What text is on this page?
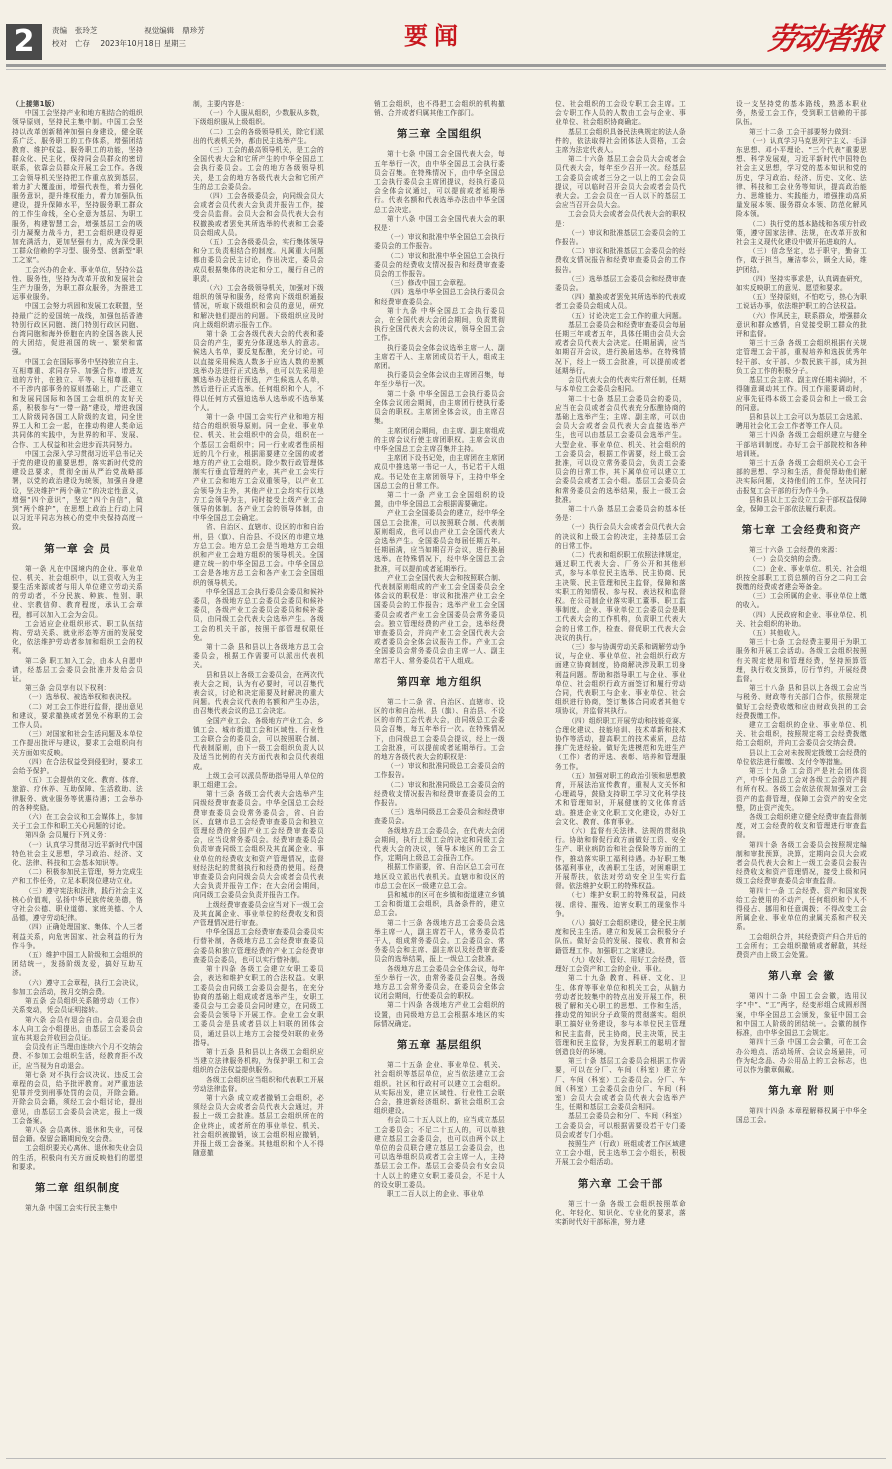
2	责编 张玲芝	视觉编辑 鼎珍芳
校对 亡存 2023年10月18日 星期三	要闻	劳动者报

（上接第1版）

中国工会坚持产业和地方相结合的组织领导原则，坚持民主集中制。中国工会坚持以改革创新精神加强自身建设，健全联系广泛、服务职工的工作体系，增强团结教育、维护权益、服务职工的功能，坚持群众化、民主化，保持同会员群众的密切联系，依靠会员群众开展工会工作。各级工会领导机关坚持把工作重点放到基层，着力扩大覆盖面，增强代表性，着力强化服务意识，提升维权能力，着力加强队伍建设，提升保障水平，坚持服务职工群众的工作生命线，全心全意为基层、为职工服务，构建智慧工会，增强基层工会的吸引力凝聚力战斗力，把工会组织建设得更加充满活力，更加坚强有力，成为深受职工群众信赖的学习型、服务型、创新型“职工之家”。

工会兴办的企业、事业单位，坚持公益性、服务性，坚持为改革开放和发展社会生产力服务，为职工群众服务，为推进工运事业服务。

中国工会努力巩固和发展工农联盟，坚持最广泛的爱国统一战线，加强包括香港特别行政区同胞、澳门特别行政区同胞、台湾同胞和海外侨胞在内的全国各族人民的大团结，促进祖国的统一、繁荣和富强。

中国工会在国际事务中坚持独立自主、互相尊重、求同存异、加强合作、增进友谊的方针，在独立、平等、互相尊重、互不干涉内部事务的原则基础上，广泛建立和发展同国际和各国工会组织的友好关系，积极参与“一带一路”建设，增进我国工人阶级同各国工人阶级的友谊，同全世界工人和工会一起，在推动构建人类命运共同体的实践中，为世界的和平、发展、合作、工人权益和社会进步而共同努力。

中国工会深入学习贯彻习近平总书记关于党的建设的重要思想，落实新时代党的建设总要求，贯彻全面从严治党战略部署，以党的政治建设为统领，加强自身建设，坚决维护“两个确立”的决定性意义，增强“四个意识”，坚定“四个自信”，做到“两个维护”，在思想上政治上行动上同以习近平同志为核心的党中央保持高度一致。

第一章 会 员

第一条 凡在中国境内的企业、事业单位、机关、社会组织中，以工资收入为主要生活来源或者与用人单位建立劳动关系的劳动者，不分民族、种族、性别、职业、宗教信仰、教育程度，承认工会章程，都可以加入工会为会员。

工会适应企业组织形式、职工队伍结构、劳动关系、就业形态等方面的发展变化，依法维护劳动者参加和组织工会的权利。

第二条 职工加入工会，由本人自愿申请，经基层工会委员会批准并发给会员证。

第三条 会员享有以下权利：

（一）选举权、被选举权和表决权。

（二）对工会工作进行监督，提出意见和建议，要求撤换或者罢免不称职的工会工作人员。

（三）对国家和社会生活问题及本单位工作提出批评与建议，要求工会组织向有关方面如实反映。

（四）在合法权益受到侵犯时，要求工会给予保护。

（五）工会提供的文化、教育、体育、旅游、疗休养、互助保障、生活救助、法律服务、就业服务等优惠待遇；工会举办的各种奖励。

（六）在工会会议和工会媒体上，参加关于工会工作和职工关心问题的讨论。

第四条 会员履行下列义务：

（一）认真学习贯彻习近平新时代中国特色社会主义思想，学习政治、经济、文化、法律、科技和工会基本知识等。

（二）积极参加民主管理，努力完成生产和工作任务，立足本职岗位建功立业。

（三）遵守宪法和法律，践行社会主义核心价值观，弘扬中华民族传统美德，恪守社会公德、职业道德、家庭美德、个人品德，遵守劳动纪律。

（四）正确处理国家、集体、个人三者利益关系，向危害国家、社会利益的行为作斗争。

（五）维护中国工人阶级和工会组织的团结统一，发扬阶级友爱，搞好互助互济。

（六）遵守工会章程，执行工会决议，参加工会活动，按月交纳会费。

第五条 会员组织关系随劳动（工作）关系变动，凭会员证明接转。

第六条 会员有退会自由。会员退会由本人向工会小组提出，由基层工会委员会宣布其退会并收回会员证。

会员没有正当理由连续六个月不交纳会费、不参加工会组织生活，经教育拒不改正，应当视为自动退会。

第七条 对不执行会议决议、违反工会章程的会员，给予批评教育。对严重违法犯罪并受到刑事处罚的会员，开除会籍。开除会员会籍，须经工会小组讨论，提出意见，由基层工会委员会决定，报上一级工会备案。

第八条 会员离休、退休和失业，可保留会籍。保留会籍期间免交会费。

工会组织要关心离休、退休和失业会员的生活，积极向有关方面反映他们的愿望和要求。

第二章 组织制度

第九条 中国工会实行民主集中

制，主要内容是：

（一）个人服从组织，少数服从多数，下级组织服从上级组织。

（二）工会的各级领导机关，除它们派出的代表机关外，都由民主选举产生。

（三）工会的最高领导机关，是工会的全国代表大会和它所产生的中华全国总工会执行委员会。工会的地方各级领导机关，是工会的地方各级代表大会和它所产生的总工会委员会。

（四）工会各级委员会，向同级会员大会或者会员代表大会负责并报告工作，接受会员监督。会员大会和会员代表大会有权撤换或者罢免其所选举的代表和工会委员会组成人员。

（五）工会各级委员会，实行集体领导和分工负责相结合的制度。凡属重大问题都由委员会民主讨论，作出决定，委员会成员根据集体的决定和分工，履行自己的职责。

（六）工会各级领导机关，加强对下级组织的领导和服务，经常向下级组织通报情况，听取下级组织和会员的意见，研究和解决他们提出的问题。下级组织应及时向上级组织请示报告工作。

第十条 工会各级代表大会的代表和委员会的产生，要充分体现选举人的意志。候选人名单，要反复酝酿，充分讨论。可以直接采用候选人数多于应选人数的差额选举办法进行正式选举，也可以先采用差额选举办法进行预选，产生候选人名单，然后进行正式选举。任何组织和个人，不得以任何方式强迫选举人选举或不选举某个人。

第十一条 中国工会实行产业和地方相结合的组织领导原则。同一企业、事业单位、机关、社会组织中的会员，组织在一个基层工会组织中；同一行业或者性质相近的几个行业，根据需要建立全国的或者地方的产业工会组织。除少数行政管理体制实行垂直管理的产业，其产业工会实行产业工会和地方工会双重领导，以产业工会领导为主外，其他产业工会均实行以地方工会领导为主，同时接受上级产业工会领导的体制。各产业工会的领导体制，由中华全国总工会确定。

省、自治区、直辖市、设区的市和自治州，县（旗）、自治县、不设区的市建立地方总工会。地方总工会是当地地方工会组织和产业工会地方组织的领导机关。全国建立统一的中华全国总工会。中华全国总工会是各地方总工会和各产业工会全国组织的领导机关。

中华全国总工会执行委员会委员和候补委员，各级地方总工会委员会委员和候补委员，各级产业工会委员会委员和候补委员，由同级工会代表大会选举产生。各级工会的机关干部，按照干部管理权限任免。

第十二条 县和县以上各级地方总工会委员会，根据工作需要可以派出代表机关。

县和县以上各级工会委员会，在两次代表大会之间，认为有必要时，可以召集代表会议，讨论和决定需要及时解决的重大问题。代表会议代表的名额和产生办法，由召集代表会议的总工会决定。

全国产业工会、各级地方产业工会、乡镇工会、城市街道工会和区域性、行业性工会联合会的委员会，可以按照联合制、代表制原则，由下一级工会组织负责人以及适当比例的有关方面代表和会员代表组成。

上级工会可以派员帮助指导用人单位的职工组建工会。

第十三条 各级工会代表大会选举产生同级经费审查委员会。中华全国总工会经费审查委员会设常务委员会，省、自治区、直辖市总工会经费审查委员会和独立管理经费的全国产业工会经费审查委员会，应当设常务委员会。经费审查委员会负责审查同级工会组织及其直属企业、事业单位的经费收支和资产管理情况，监督财经法纪的贯彻执行和经费的使用。经费审查委员会向同级会员大会或者会员代表大会负责并报告工作；在大会闭会期间，向同级工会委员会负责并报告工作。

上级经费审查委员会应当对下一级工会及其直属企业、事业单位的经费收支和资产管理情况进行审查。

中华全国总工会经费审查委员会委员实行替补制，各级地方总工会经费审查委员会委员和独立管理经费的产业工会经费审查委员会委员，也可以实行替补制。

第十四条 各级工会建立女职工委员会，表达和维护女职工的合法权益。女职工委员会由同级工会委员会提名，在充分协商的基础上组成或者选举产生，女职工委员会与工会委员会同时建立，在同级工会委员会领导下开展工作。企业工会女职工委员会是县或者县以上妇联的团体会员，通过县以上地方工会接受妇联的业务指导。

第十五条 县和县以上各级工会组织应当建立法律服务机构，为保护职工和工会组织的合法权益提供服务。

各级工会组织应当组织和代表职工开展劳动法律监督。

第十六条 成立或者撤销工会组织，必须经会员大会或者会员代表大会通过，并报上一级工会批准。基层工会组织所在的企业终止，或者所在的事业单位、机关、社会组织被撤销，该工会组织相应撤销，并报上级工会备案。其他组织和个人不得随意撤

销工会组织，也不得把工会组织的机构撤销、合并或者归属其他工作部门。

第三章 全国组织

第十七条 中国工会全国代表大会，每五年举行一次，由中华全国总工会执行委员会召集。在特殊情况下，由中华全国总工会执行委员会主席团提议，经执行委员会全体会议通过，可以提前或者延期举行。代表名额和代表选举办法由中华全国总工会决定。

第十八条 中国工会全国代表大会的职权是：

（一）审议和批准中华全国总工会执行委员会的工作报告。

（二）审议和批准中华全国总工会执行委员会的经费收支情况报告和经费审查委员会的工作报告。

（三）修改中国工会章程。

（四）选举中华全国总工会执行委员会和经费审查委员会。

第十九条 中华全国总工会执行委员会，在全国代表大会闭会期间，负责贯彻执行全国代表大会的决议，领导全国工会工作。

执行委员会全体会议选举主席一人、副主席若干人、主席团成员若干人，组成主席团。

执行委员会全体会议由主席团召集，每年至少举行一次。

第二十条 中华全国总工会执行委员会全体会议闭会期间，由主席团行使执行委员会的职权。主席团全体会议，由主席召集。

主席团闭会期间，由主席、副主席组成的主席会议行使主席团职权。主席会议由中华全国总工会主席召集并主持。

主席团下设书记处，由主席团在主席团成员中推选第一书记一人，书记若干人组成。书记处在主席团领导下，主持中华全国总工会的日常工作。

第二十一条 产业工会全国组织的设置，由中华全国总工会根据需要确定。

产业工会全国委员会的建立，经中华全国总工会批准，可以按照联合制、代表制原则组成，也可以由产业工会全国代表大会选举产生。全国委员会每届任期五年。任期届满，应当如期召开会议，进行换届选举。在特殊情况下，经中华全国总工会批准，可以提前或者延期举行。

产业工会全国代表大会和按照联合制、代表制原则组成的产业工会全国委员会全体会议的职权是：审议和批准产业工会全国委员会的工作报告；选举产业工会全国委员会或者产业工会全国委员会常务委员会。独立管理经费的产业工会，选举经费审查委员会，并向产业工会全国代表大会或者委员会全体会议报告工作。产业工会全国委员会常务委员会由主席一人、副主席若干人、常务委员若干人组成。

第四章 地方组织

第二十二条 省、自治区、直辖市、设区的市和自治州、县（旗）、自治县、不设区的市的工会代表大会，由同级总工会委员会召集，每五年举行一次。在特殊情况下，由同级总工会委员会提议，经上一级工会批准，可以提前或者延期举行。工会的地方各级代表大会的职权是：

（一）审议和批准同级总工会委员会的工作报告。

（二）审议和批准同级总工会委员会的经费收支情况报告和经费审查委员会的工作报告。

（三）选举同级总工会委员会和经费审查委员会。

各级地方总工会委员会，在代表大会闭会期间，执行上级工会的决定和同级工会代表大会的决议，领导本地区的工会工作，定期向上级总工会报告工作。

根据工作需要，省、自治区总工会可在地区设立派出代表机关。直辖市和设区的市总工会在区一级建立总工会。

县和城市的区可在乡镇和街道建立乡镇工会和街道工会组织，具备条件的，建立总工会。

第二十三条 各级地方总工会委员会选举主席一人，副主席若干人，常务委员若干人，组成常务委员会。工会委员会、常务委员会和主席、副主席以及经费审查委员会的选举结果，报上一级总工会批准。

各级地方总工会委员会全体会议，每年至少举行一次，由常务委员会召集。各级地方总工会常务委员会，在委员会全体会议闭会期间，行使委员会的职权。

第二十四条 各级地方产业工会组织的设置，由同级地方总工会根据本地区的实际情况确定。

第五章 基层组织

第二十五条 企业、事业单位、机关、社会组织等基层单位，应当依法建立工会组织。社区和行政村可以建立工会组织。从实际出发，建立区域性、行业性工会联合会，推进新经济组织、新社会组织工会组织建设。

有会员二十五人以上的，应当成立基层工会委员会；不足二十五人的，可以单独建立基层工会委员会，也可以由两个以上单位的会员联合建立基层工会委员会，也可以选举组织员或者工会主席一人，主持基层工会工作。基层工会委员会有女会员十人以上的建立女职工委员会，不足十人的设女职工委员。

职工二百人以上的企业、事业单

位、社会组织的工会设专职工会主席。工会专职工作人员的人数由工会与企业、事业单位、社会组织协商确定。

基层工会组织具备民法典规定的法人条件的，依法取得社会团体法人资格，工会主席为法定代表人。

第二十六条 基层工会会员大会或者会员代表大会，每年至少召开一次。经基层工会委员会或者三分之一以上的工会会员提议，可以临时召开会员大会或者会员代表大会。工会会员在一百人以下的基层工会应当召开会员大会。

工会会员大会或者会员代表大会的职权是：

（一）审议和批准基层工会委员会的工作报告。

（二）审议和批准基层工会委员会的经费收支情况报告和经费审查委员会的工作报告。

（三）选举基层工会委员会和经费审查委员会。

（四）撤换或者罢免其所选举的代表或者工会委员会组成人员。

（五）讨论决定工会工作的重大问题。

基层工会委员会和经费审查委员会每届任期三年或者五年，具体任期由会员大会或者会员代表大会决定。任期届满，应当如期召开会议，进行换届选举。在特殊情况下，经上一级工会批准，可以提前或者延期举行。

会员代表大会的代表实行常任制，任期与本单位工会委员会相同。

第二十七条 基层工会委员会的委员，应当在会员或者会员代表充分酝酿协商的基础上选举产生；主席、副主席，可以由会员大会或者会员代表大会直接选举产生，也可以由基层工会委员会选举产生。大型企业、事业单位、机关、社会组织的工会委员会，根据工作需要，经上级工会批准，可以设立常务委员会，负责工会委员会的日常工作，其下属单位可以建立工会委员会或者工会小组。基层工会委员会和常务委员会的选举结果，报上一级工会批准。

第二十八条 基层工会委员会的基本任务是：

（一）执行会员大会或者会员代表大会的决议和上级工会的决定，主持基层工会的日常工作。

（二）代表和组织职工依照法律规定，通过职工代表大会、厂务公开和其他形式，参与本单位民主选举、民主协商、民主决策、民主管理和民主监督，保障和落实职工的知情权、参与权、表达权和监督权。在公司制企业落实职工董事、职工监事制度。企业、事业单位工会委员会是职工代表大会的工作机构，负责职工代表大会的日常工作，检查、督促职工代表大会决议的执行。

（三）参与协调劳动关系和调解劳动争议，与企业、事业单位、社会组织行政方面建立协商制度，协商解决涉及职工切身利益问题。帮助和指导职工与企业、事业单位、社会组织行政方面签订和履行劳动合同，代表职工与企业、事业单位、社会组织进行协商，签订集体合同或者其他专项协议，并监督其执行。

（四）组织职工开展劳动和技能竞赛、合理化建议、技能培训、技术革新和技术协作等活动，提高职工的技术素质，总结推广先进经验。做好先进模范和先进生产（工作）者的评选、表彰、培养和管理服务工作。

（五）加强对职工的政治引领和思想教育，开展法治宣传教育，重视人文关怀和心理疏导，鼓励支持职工学习文化科学技术和管理知识，开展健康的文化体育活动。推进企业文化职工文化建设，办好工会文化、教育、体育事业。

（六）监督有关法律、法规的贯彻执行。协助和督促行政方面做好工资、安全生产、职业病防治和社会保险等方面的工作，推动落实职工福利待遇。办好职工集体福利事业，改善职工生活，对困难职工开展帮扶，依法对劳动安全卫生实行监督。依法维护女职工的特殊权益。

（七）维护女职工的特殊权益，同歧视、虐待、摧残、迫害女职工的现象作斗争。

（八）搞好工会组织建设，健全民主制度和民主生活。建立和发展工会积极分子队伍。做好会员的发展、接收、教育和会籍管理工作。加强职工之家建设。

（九）收好、管好、用好工会经费，管理好工会资产和工会的企业、事业。

第二十九条 教育、科研、文化、卫生、体育等事业单位和机关工会，从脑力劳动者比较集中的特点出发开展工作，积极了解和关心职工的思想、工作和生活，推动党的知识分子政策的贯彻落实。组织职工搞好业务建设，参与本单位民主管理和民主监督，民主协商，民主决策，民主管理和民主监督，为发挥职工的聪明才智创造良好的环境。

第三十条 基层工会委员会根据工作需要，可以在分厂、车间（科室）建立分厂、车间（科室）工会委员会。分厂、车间（科室）工会委员会由分厂、车间（科室）会员大会或者会员代表大会选举产生，任期和基层工会委员会相同。

基层工会委员会和分厂、车间（科室）工会委员会，可以根据需要设若干专门委员会或者专门小组。

按照生产（行政）班组或者工作区域建立工会小组，民主选举工会小组长，积极开展工会小组活动。

第六章 工会干部

第三十一条 各级工会组织按照革命化、年轻化、知识化、专业化的要求，落实新时代好干部标准，努力建

设一支坚持党的基本路线，熟悉本职业务，热爱工会工作，受到职工信赖的干部队伍。

第三十二条 工会干部要努力做到：

（一）认真学习马克思列宁主义、毛泽东思想、邓小平理论、“三个代表”重要思想、科学发展观，习近平新时代中国特色社会主义思想，学习党的基本知识和党的历史，学习政治、经济、历史、文化、法律、科技和工会业务等知识，提高政治能力、思维能力、实践能力，增强推动高质量发展本领、服务群众本领、防范化解风险本领。

（二）执行党的基本路线和各项方针政策，遵守国家法律、法规，在改革开放和社会主义现代化建设中做开拓进取的人。

（三）信念坚定，忠于职守，勤奋工作，敢于担当，廉洁奉公，顾全大局，维护团结。

（四）坚持实事求是，认真调查研究，如实反映职工的意见、愿望和要求。

（五）坚持原则，不怕吃亏，热心为职工说话办事，依法维护职工的合法权益。

（六）作风民主，联系群众，增强群众意识和群众感情，自觉接受职工群众的批评和监督。

第三十三条 各级工会组织根据有关规定管理工会干部，重视培养和选拔优秀年轻干部、女干部、少数民族干部，成为担负工会工作的积极分子。

基层工会主席、副主席任期未满时，不得随意调动其工作。因工作需要调动时，应事先征得本级工会委员会和上一级工会的同意。

县和县以上工会可以为基层工会选派、聘用社会化工会工作者等工作人员。

第三十四条 各级工会组织建立与健全干部培训制度。办好工会干部院校和各种培训班。

第三十五条 各级工会组织关心工会干部的思想、学习和生活，督促帮助他们解决实际问题，支持他们的工作，坚决同打击报复工会干部的行为作斗争。

县和县以上工会设立工会干部权益保障金，保障工会干部依法履行职责。

第七章 工会经费和资产

第三十六条 工会经费的来源：

（一）会员交纳的会费。

（二）企业、事业单位、机关、社会组织按全部职工工资总额的百分之二向工会拨缴的经费或者建会筹备金。

（三）工会所属的企业、事业单位上缴的收入。

（四）人民政府和企业、事业单位、机关、社会组织的补助。

（五）其他收入。

第三十七条 工会经费主要用于为职工服务和开展工会活动。各级工会组织按照有关规定使用和管理经费，坚持预算管理，执行收支预算，厉行节约，开展经费监督。

第三十八条 县和县以上各级工会应当与税务、财政等有关部门合作，依照规定做好工会经费收缴和应由财政负担的工会经费拨缴工作。

建立工会组织的企业、事业单位、机关、社会组织，按照规定将工会经费拨缴给工会组织，并向工会委员会交纳会费。

县以上工会对未按规定拨缴工会经费的单位依法进行催缴、支付令等措施。

第三十九条 工会资产是社会团体资产，中华全国总工会对各级工会的资产拥有所有权。各级工会依法依规加强对工会资产的监督管理，保障工会资产的安全完整，防止资产流失。

各级工会组织建立健全经费审查监督制度，对工会经费的收支和管理进行审查监督。

第四十条 各级工会委员会按照规定编制和审批预算，决算，定期向会员大会或者会员代表大会和上一级工会委员会报告经费收支和资产管理情况，接受上级和同级工会经费审查委员会审查监督。

第四十一条 工会经费、资产和国家拨给工会使用的不动产，任何组织和个人不得侵占、挪用和任意调拨；不得改变工会所属企业、事业单位的隶属关系和产权关系。

工会组织合并，其经费资产归合并后的工会所有；工会组织撤销或者解散，其经费资产由上级工会处置。

第八章 会 徽

第四十二条 中国工会会徽，选用汉字“中”、“工”两字，经变形组合成圆形图案，中华全国总工会颁发，象征中国工会和中国工人阶级的团结统一。会徽的制作标准，由中华全国总工会规定。

第四十三条 中国工会会徽，可在工会办公地点、活动场所、会议会场悬挂，可作为纪念品、办公用品上的工会标志，也可以作为徽章佩戴。

第九章 附 则

第四十四条 本章程解释权属于中华全国总工会。
